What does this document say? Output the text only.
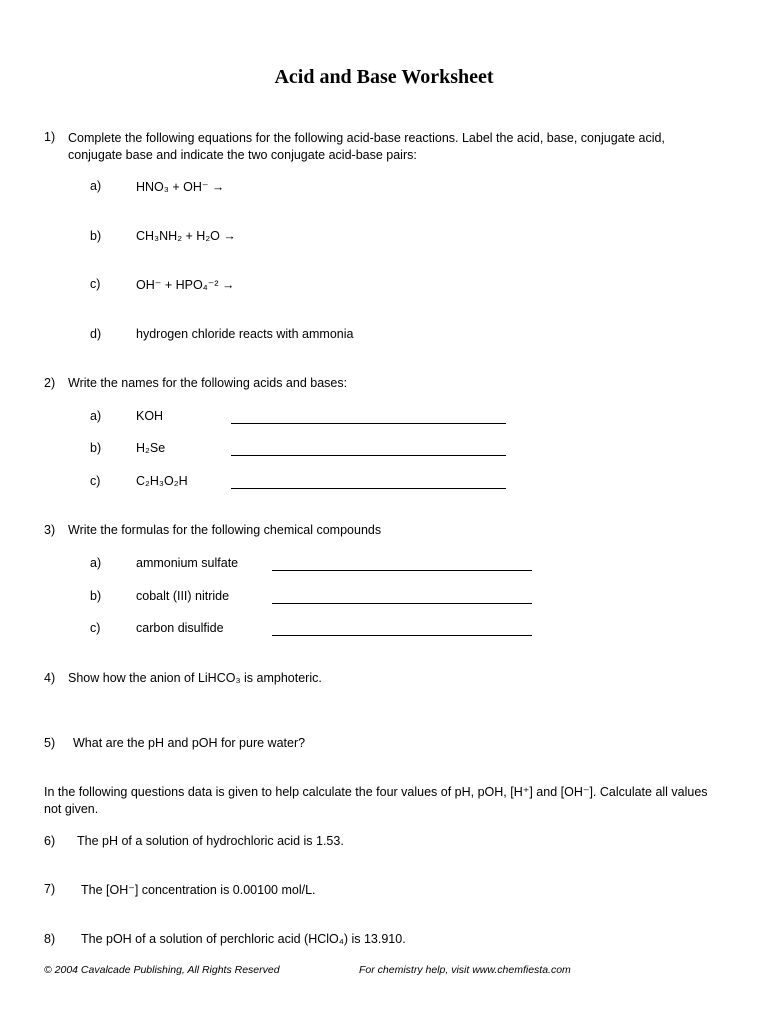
Acid and Base Worksheet
1) Complete the following equations for the following acid-base reactions. Label the acid, base, conjugate acid, conjugate base and indicate the two conjugate acid-base pairs:
a)	HNO₃ + OH⁻ →
b)	CH₃NH₂ + H₂O →
c)	OH⁻ + HPO₄⁻² →
d)	hydrogen chloride reacts with ammonia
2) Write the names for the following acids and bases:
a)	KOH
b)	H₂Se
c)	C₂H₃O₂H
3) Write the formulas for the following chemical compounds
a)	ammonium sulfate
b)	cobalt (III) nitride
c)	carbon disulfide
4) Show how the anion of LiHCO₃ is amphoteric.
5) What are the pH and pOH for pure water?
In the following questions data is given to help calculate the four values of pH, pOH, [H⁺] and [OH⁻]. Calculate all values not given.
6) The pH of a solution of hydrochloric acid is 1.53.
7) The [OH⁻] concentration is 0.00100 mol/L.
8) The pOH of a solution of perchloric acid (HClO₄) is 13.910.
© 2004 Cavalcade Publishing, All Rights Reserved	For chemistry help, visit www.chemfiesta.com
